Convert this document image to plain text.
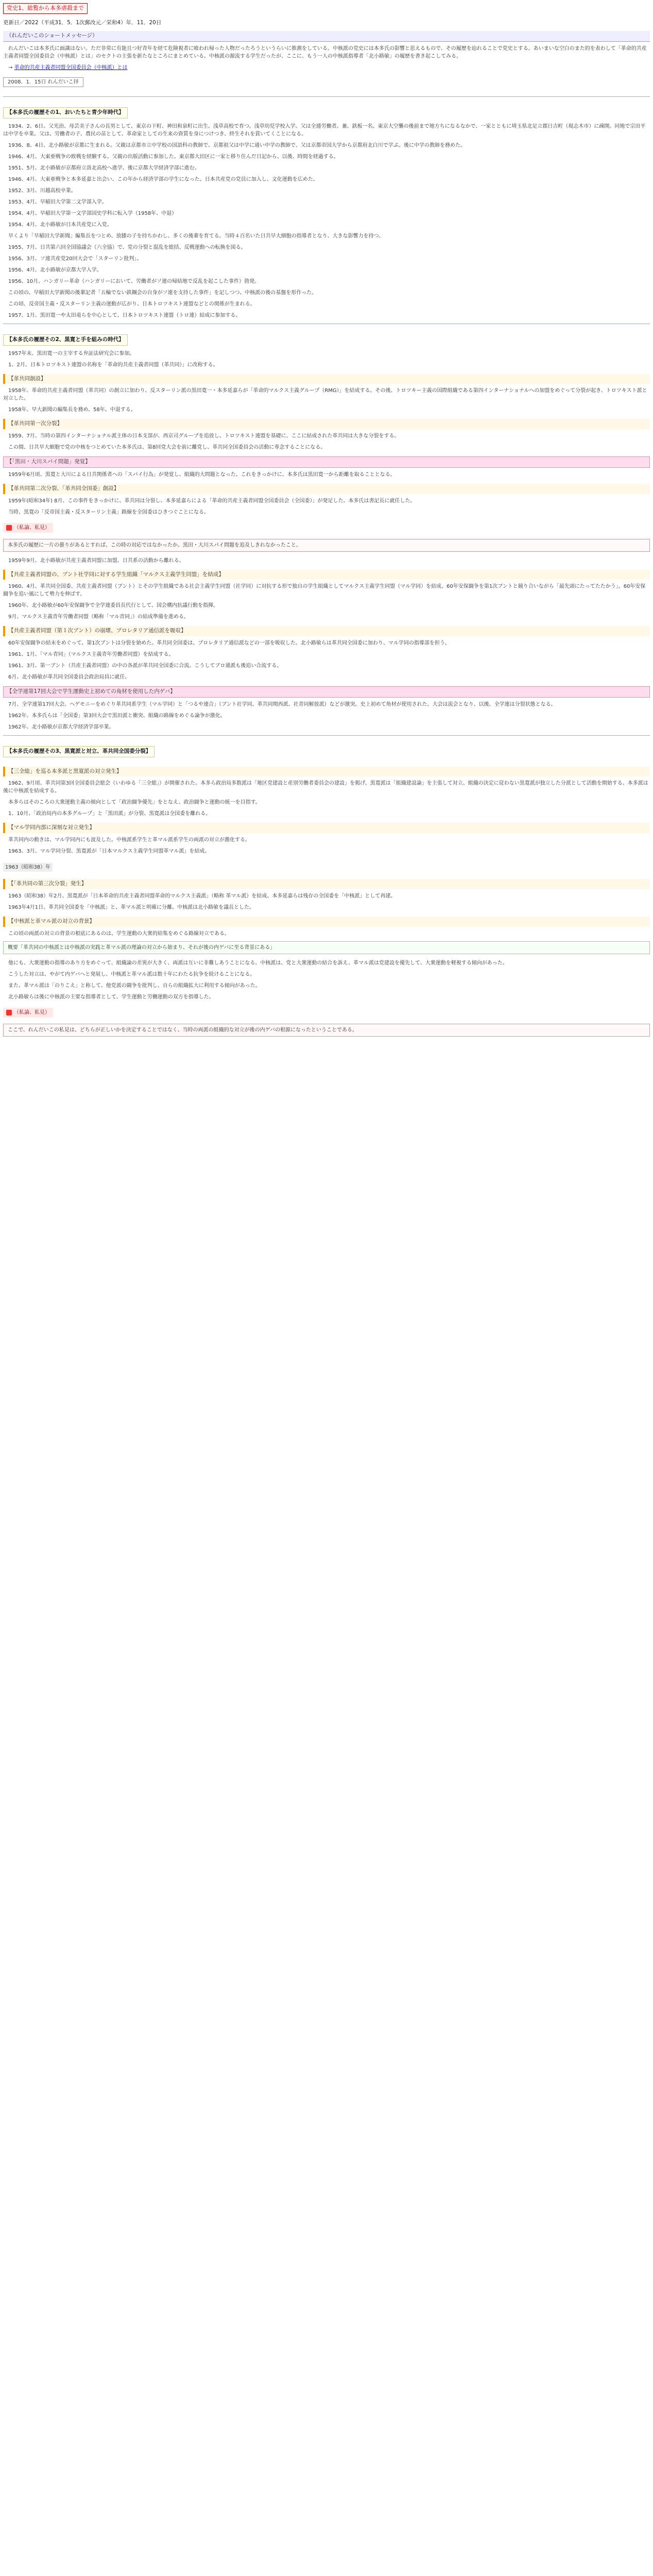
党史1、総覧から本多虐殺まで
更新日／2022（平成31．5．1次郵改元／栄和4）年．11．20日
（れんだいこのショートメッセージ）

れんだいこは本多氏に面識はない。ただ非常に有能且つ好青年を経て危険視者に喰われ帰った人物だったろうというらいに推測をしている。中核派の党史には本多氏の影響と思えるもので、その履歴を辿れることで党史とする。あいまいな空白のまた的を表わして「革命的共産主義者同盟全国委員会（中核派）とは」のセクトの主張を新たなところにまとめている。中核派の源流する学生だったが、ここに、もう一人の中核派指導者「北小路敏」の履歴を書き起こしてみる。

→ 革命的共産主義者同盟全国委員会（中核派）とは

2008．1．15日 れんだいこ拝
【本多氏の履歴その1、おいたちと青少年時代】

1934、2、6日、父光治、母芸美子さんの長男として、東京の下町、神田和泉町に出生。浅草高校で育つ。浅草幼児学校入学。父は全逓労働者。兼、鉄板一名。東京大空襲の後前まで地方ちになるなかで、一家とともに埼玉県北足立郡日吉町（現志木市）に疎開。同地で宗田平は中学を卒業。父は、労働者の子、農民の苗として、革命家としての生来の資質を身につけつき、終生それを貫いてくことになる。

1936、8、4日、北小路敏が京都に生まれる。父親は京都市立中学校の国語科の教師で、京都祖父は中学に通い中学の教師で、父は京都帝国大学から京都府北白川で学ぶ。後に中学の教師を務めた。

1946、4月、大東亜戦争の敗戦を経験する。父親の出版活動に参加した。東京都大田区に一家と移り住んだ日記から、以後、時間を経過する。

1951、5月、北小路敏が京都府立洛北高校へ進学、後に京都大学経済学部に進む。

1946、4月、大東亜戦争と本多延嘉と出会い、この年から経済学部の学生になった。日本共産党の党員に加入し、文化運動を広めた。

1952、3月、川越高校卒業。

1953、4月、早稲田大学第二文学部入学。

1954、4月、早稲田大学第一文学部国史学科に転入学（1958年、中退）

1954、4月、北小路敏が日本共産党に入党。

早くより「早稲田大学新聞」編集長をつとめ、放膝の子を持ちかわし、多くの後輩を育てる。当時４百名いた日共早大細胞の指導者となり、大きな影響力を持つ。

1955、7月、日共第六回全国協議会（六全協）で、党の分裂と混乱を総括、反戦運動への転換を図る。

1956、3月、ソ連共産党20回大会で「スターリン批判」。

1956、4月、北小路敏が京都大学入学。

1956、10月、ハンガリー革命（ハンガリーにおいて、労働者がソ連の帰結地で反乱を起こした事件）勃発。

この頃の、早稲田大学新聞の後輩記者「五輪でない鉄鋼会の自身がソ連を支持した事件」を記しつつ、中核派の後の基盤を形作った。

この頃、反帝国主義・反スターリン主義の運動が広がり、日本トロツキスト連盟などとの関係が生まれる。

1957、1月、黒田寛一や太田竜らを中心として、日本トロツキスト連盟（トロ連）結成に参加する。

【本多氏の履歴その2、黒寛と手を組みの時代】

1957年末、黒田寛一の主宰する弁証法研究会に参加。

1、2月、日本トロツキスト連盟の名称を「革命的共産主義者同盟（革共同）」に改称する。

【革共同創設】

1958年、革命的共産主義者同盟（革共同）の創立に加わり、反スターリン派の黒田寛一・本多延嘉らが「革命的マルクス主義グループ（RMG）」を結成する。その後、トロツキー主義の国際組織である第四インターナショナルへの加盟をめぐって分裂が起き、トロツキスト派と対立した。

1958年、早大新聞の編集長を務め、58年、中退する。

【革共同第一次分裂】

1959、7月、当時の第四インターナショナル派主体の日本支部が、西京司グループを追放し、トロツキスト連盟を基礎に、ここに結成された革共同は大きな分裂をする。

この間、日共早大細胞で党の中核をつとめていた本多氏は、第8回党大会を前に離党し、革共同全国委員会の活動に専念することになる。

【「黒田・大川スパイ問題」発覚】

1959年6月頃、黒寛と大川による日共関係者への「スパイ行為」が発覚し、組織的大問題となった。これをきっかけに、本多氏は黒田寛一から距離を取ることとなる。

【革共同第二次分裂、「革共同全国委」創設】

1959年(昭和34年) 8月、この事件をきっかけに、革共同は分裂し、本多延嘉らによる「革命的共産主義者同盟全国委員会（全国委）」が発足した。本多氏は書記長に就任した。

当時、黒寛の「反帝国主義・反スターリン主義」路線を全国委はひきつぐことになる。

（私論、私見）
本多氏の履歴に一片の曇りがあるとすれば、この時の対応ではなかったか。黒田・大川スパイ問題を追及しきれなかったこと。

1959年9月、北小路敏が共産主義者同盟に加盟、日共系の活動から離れる。

【共産主義者同盟の、ブント社学同に対する学生組織「マルクス主義学生同盟」を結成】

1960、4月、革共同全国委、共産主義者同盟（ブント）とその学生組織である社会主義学生同盟（社学同）に対抗する形で独自の学生組織としてマルクス主義学生同盟（マル学同）を結成、60年安保闘争を第1次ブントと競り合いながら「最先頭にたってたたかう」。60年安保闘争を追い風にして勢力を伸ばす。

1960年、北小路敏が60年安保闘争で全学連委員長代行として、国会構内抗議行動を指揮。

9月、マルクス主義青年労働者同盟（略称「マル青同」）の結成準備を進める。

【共産主義者同盟（第１次ブント）の崩壊、プロレタリア通信派を吸収】

60年安保闘争の結末をめぐって、第1次ブントは分裂を始めた。革共同全国委は、プロレタリア通信派などの一部を吸収した。北小路敏らは革共同全国委に加わり、マル学同の指導部を担う。

1961、1月、「マル青同」（マルクス主義青年労働者同盟）を結成する。

1961、3月、第一ブント（共産主義者同盟）の中の各派が革共同全国委に合流。こうしてブロ通派も後追い合流する。

6月、北小路敏が革共同全国委員会政治局員に就任。

【全学連第17回大会で学生運動史上初めての角材を使用した内ゲバ】

7月、全学連第17回大会。ヘゲモニーをめぐり革共同系学生（マル学同）と「つるや連合」（ブント社学同、革共同関西派、社青同解放派）などが激突。史上初めて角材が使用された。大会は流会となり、以後、全学連は分裂状態となる。

1962年、本多氏らは「全国委」第3回大会で黒田派と衝突、組織の路線をめぐる論争が激化。

1962年、北小路敏が京都大学経済学部卒業。

【本多氏の履歴その3、黒寛派と対立、革共同全国委分裂】
【三全総」を巡る本多派と黒寛派の対立発生】

1962、9月頃、革共同第3回全国委員会総会（いわゆる「三全総」）が開催された。本多ら政治局多数派は「地区党建設と産別労働者委員会の建設」を掲げ、黒寛派は「組織建設論」を主張して対立、組織の決定に従わない黒寛派が独立した分派として活動を開始する。本多派は後に中核派を結成する。

本多らはそのころの大衆運動主義の傾向として「政治闘争優先」をとなえ、政治闘争と運動の統一を目指す。

1、10月、「政治局内の本多グループ」と「黒田派」が分裂、黒寛派は全国委を離れる。

【マル学同内部に深刻な対立発生】

革共同内の動きは、マル学同内にも波及した。中核派系学生と革マル派系学生の両派の対立が激化する。

1963、3月、マル学同分裂、黒寛派が「日本マルクス主義学生同盟革マル派」を結成。

1963（昭和38）年
【「革共同の第三次分裂」発生】

1963（昭和38）年2月、黒寛派が「日本革命的共産主義者同盟革命的マルクス主義派」（略称 革マル派）を結成。本多延嘉らは残存の全国委を「中核派」として再建。

1963年4月1日、革共同全国委を「中核派」と、革マル派と明確に分離。中核派は北小路敏を議長とした。

【中核派と革マル派の対立の背景】

この頃の両派の対立の背景の根底にあるのは、学生運動の大衆的結集をめぐる路線対立である。

概要「革共同の中核派とは中核派の実践と革マル派の理論の対立から始まり、それが後の内ゲバに至る背景にある」

他にも、大衆運動の指導のあり方をめぐって、組織論の差異が大きく、両派は互いに非難しあうことになる。中核派は、党と大衆運動の結合を訴え、革マル派は党建設を優先して、大衆運動を軽視する傾向があった。

こうした対立は、やがて内ゲバへと発展し、中核派と革マル派は数十年にわたる抗争を続けることになる。

また、革マル派は「のりこえ」と称して、他党派の闘争を批判し、自らの組織拡大に利用する傾向があった。

北小路敏らは後に中核派の主要な指導者として、学生運動と労働運動の双方を指導した。

（私論、私見）
ここで、れんだいこの私見は、どちらが正しいかを決定することではなく、当時の両派の組織的な対立が後の内ゲバの根源になったということである。
